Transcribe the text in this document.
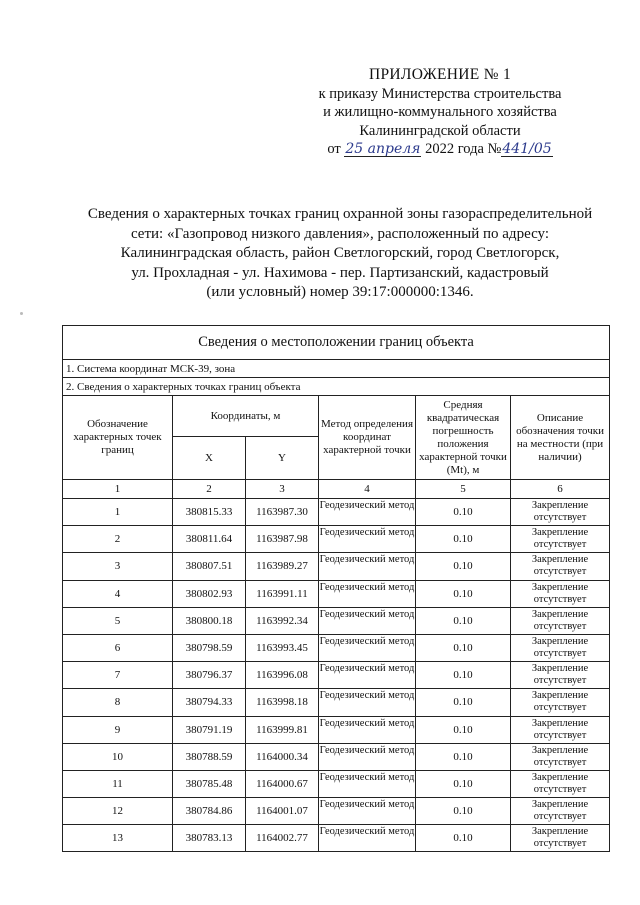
ПРИЛОЖЕНИЕ № 1
к приказу Министерства строительства
и жилищно-коммунального хозяйства
Калининградской области
от 25 апреля 2022 года №441/05
Сведения о характерных точках границ охранной зоны газораспределительной
сети: «Газопровод низкого давления», расположенный по адресу:
Калининградская область, район Светлогорский, город Светлогорск,
ул. Прохладная - ул. Нахимова - пер. Партизанский, кадастровый
(или условный) номер 39:17:000000:1346.
Сведения о местоположении границ объекта					
1. Система координат МСК-39, зона					
2. Сведения о характерных точках границ объекта					
Обозначение характерных точек границ	Координаты, м		Метод определения координат характерной точки	Средняя квадратическая погрешность положения характерной точки (Mt), м	Описание обозначения точки на местности (при наличии)
	X	Y			
1	2	3	4	5	6
1	380815.33	1163987.30	Геодезический метод	0.10	Закрепление отсутствует
2	380811.64	1163987.98	Геодезический метод	0.10	Закрепление отсутствует
3	380807.51	1163989.27	Геодезический метод	0.10	Закрепление отсутствует
4	380802.93	1163991.11	Геодезический метод	0.10	Закрепление отсутствует
5	380800.18	1163992.34	Геодезический метод	0.10	Закрепление отсутствует
6	380798.59	1163993.45	Геодезический метод	0.10	Закрепление отсутствует
7	380796.37	1163996.08	Геодезический метод	0.10	Закрепление отсутствует
8	380794.33	1163998.18	Геодезический метод	0.10	Закрепление отсутствует
9	380791.19	1163999.81	Геодезический метод	0.10	Закрепление отсутствует
10	380788.59	1164000.34	Геодезический метод	0.10	Закрепление отсутствует
11	380785.48	1164000.67	Геодезический метод	0.10	Закрепление отсутствует
12	380784.86	1164001.07	Геодезический метод	0.10	Закрепление отсутствует
13	380783.13	1164002.77	Геодезический метод	0.10	Закрепление отсутствует
